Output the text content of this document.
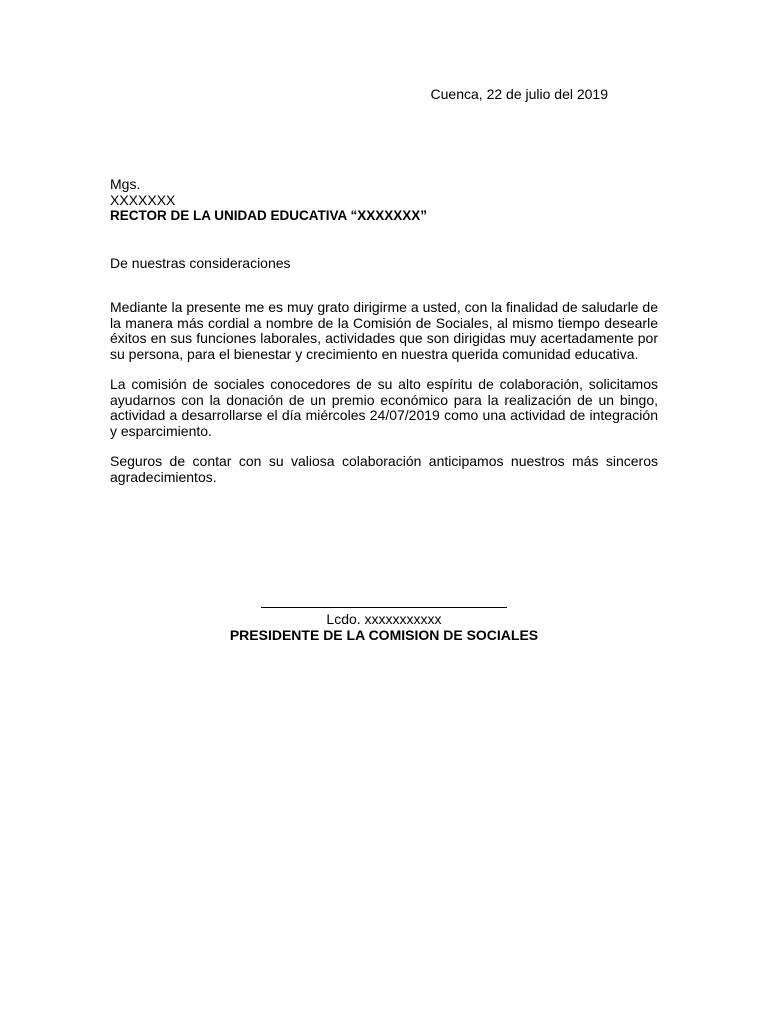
Cuenca, 22 de julio del 2019
Mgs.
XXXXXXX
RECTOR DE LA UNIDAD EDUCATIVA “XXXXXXX”
De nuestras consideraciones

Mediante la presente me es muy grato dirigirme a usted, con la finalidad de saludarle de la manera más cordial a nombre de la Comisión de Sociales, al mismo tiempo desearle éxitos en sus funciones laborales, actividades que son dirigidas muy acertadamente por su persona, para el bienestar y crecimiento en nuestra querida comunidad educativa.

La comisión de sociales conocedores de su alto espíritu de colaboración, solicitamos ayudarnos con la donación de un premio económico para la realización de un bingo, actividad a desarrollarse el día miércoles 24/07/2019 como una actividad de integración y esparcimiento.

Seguros de contar con su valiosa colaboración anticipamos nuestros más sinceros agradecimientos.

Lcdo. xxxxxxxxxxx
PRESIDENTE DE LA COMISION DE SOCIALES
